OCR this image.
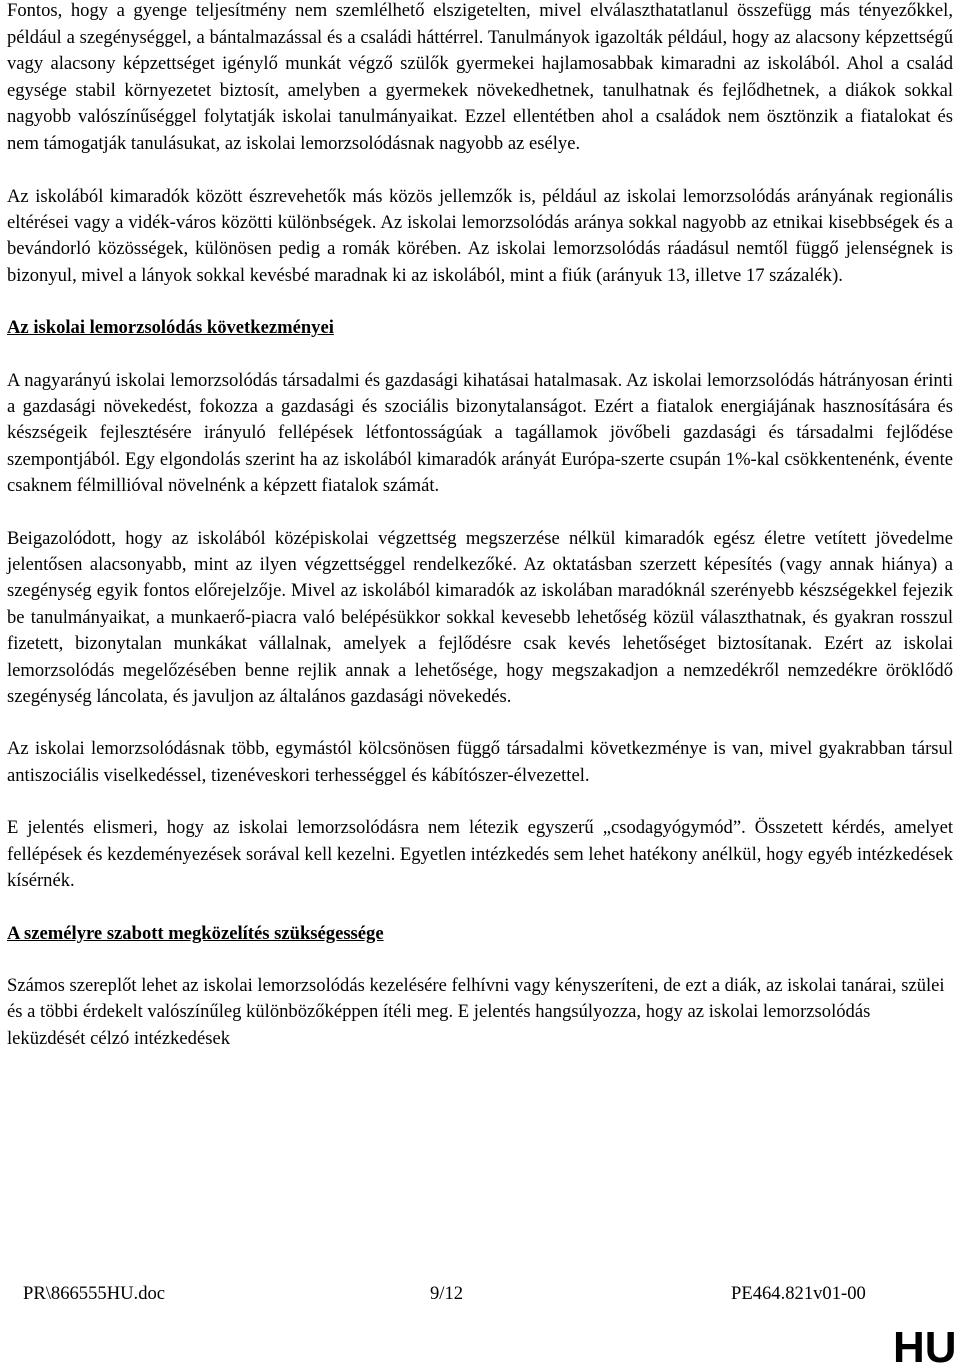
Fontos, hogy a gyenge teljesítmény nem szemlélhető elszigetelten, mivel elválaszthatatlanul összefügg más tényezőkkel, például a szegénységgel, a bántalmazással és a családi háttérrel. Tanulmányok igazolták például, hogy az alacsony képzettségű vagy alacsony képzettséget igénylő munkát végző szülők gyermekei hajlamosabbak kimaradni az iskolából. Ahol a család egysége stabil környezetet biztosít, amelyben a gyermekek növekedhetnek, tanulhatnak és fejlődhetnek, a diákok sokkal nagyobb valószínűséggel folytatják iskolai tanulmányaikat. Ezzel ellentétben ahol a családok nem ösztönzik a fiatalokat és nem támogatják tanulásukat, az iskolai lemorzsolódásnak nagyobb az esélye.

Az iskolából kimaradók között észrevehetők más közös jellemzők is, például az iskolai lemorzsolódás arányának regionális eltérései vagy a vidék-város közötti különbségek. Az iskolai lemorzsolódás aránya sokkal nagyobb az etnikai kisebbségek és a bevándorló közösségek, különösen pedig a romák körében. Az iskolai lemorzsolódás ráadásul nemtől függő jelenségnek is bizonyul, mivel a lányok sokkal kevésbé maradnak ki az iskolából, mint a fiúk (arányuk 13, illetve 17 százalék).

Az iskolai lemorzsolódás következményei

A nagyarányú iskolai lemorzsolódás társadalmi és gazdasági kihatásai hatalmasak. Az iskolai lemorzsolódás hátrányosan érinti a gazdasági növekedést, fokozza a gazdasági és szociális bizonytalanságot. Ezért a fiatalok energiájának hasznosítására és készségeik fejlesztésére irányuló fellépések létfontosságúak a tagállamok jövőbeli gazdasági és társadalmi fejlődése szempontjából. Egy elgondolás szerint ha az iskolából kimaradók arányát Európa-szerte csupán 1%-kal csökkentenénk, évente csaknem félmillióval növelnénk a képzett fiatalok számát.

Beigazolódott, hogy az iskolából középiskolai végzettség megszerzése nélkül kimaradók egész életre vetített jövedelme jelentősen alacsonyabb, mint az ilyen végzettséggel rendelkezőké. Az oktatásban szerzett képesítés (vagy annak hiánya) a szegénység egyik fontos előrejelzője. Mivel az iskolából kimaradók az iskolában maradóknál szerényebb készségekkel fejezik be tanulmányaikat, a munkaerő-piacra való belépésükkor sokkal kevesebb lehetőség közül választhatnak, és gyakran rosszul fizetett, bizonytalan munkákat vállalnak, amelyek a fejlődésre csak kevés lehetőséget biztosítanak. Ezért az iskolai lemorzsolódás megelőzésében benne rejlik annak a lehetősége, hogy megszakadjon a nemzedékről nemzedékre öröklődő szegénység láncolata, és javuljon az általános gazdasági növekedés.

Az iskolai lemorzsolódásnak több, egymástól kölcsönösen függő társadalmi következménye is van, mivel gyakrabban társul antiszociális viselkedéssel, tizenéveskori terhességgel és kábítószer-élvezettel.

E jelentés elismeri, hogy az iskolai lemorzsolódásra nem létezik egyszerű „csodagyógymód”. Összetett kérdés, amelyet fellépések és kezdeményezések sorával kell kezelni. Egyetlen intézkedés sem lehet hatékony anélkül, hogy egyéb intézkedések kísérnék.

A személyre szabott megközelítés szükségessége

Számos szereplőt lehet az iskolai lemorzsolódás kezelésére felhívni vagy kényszeríteni, de ezt a diák, az iskolai tanárai, szülei és a többi érdekelt valószínűleg különbözőképpen ítéli meg. E jelentés hangsúlyozza, hogy az iskolai lemorzsolódás leküzdését célzó intézkedések

PR\866555HU.doc	9/12	PE464.821v01-00
HU
